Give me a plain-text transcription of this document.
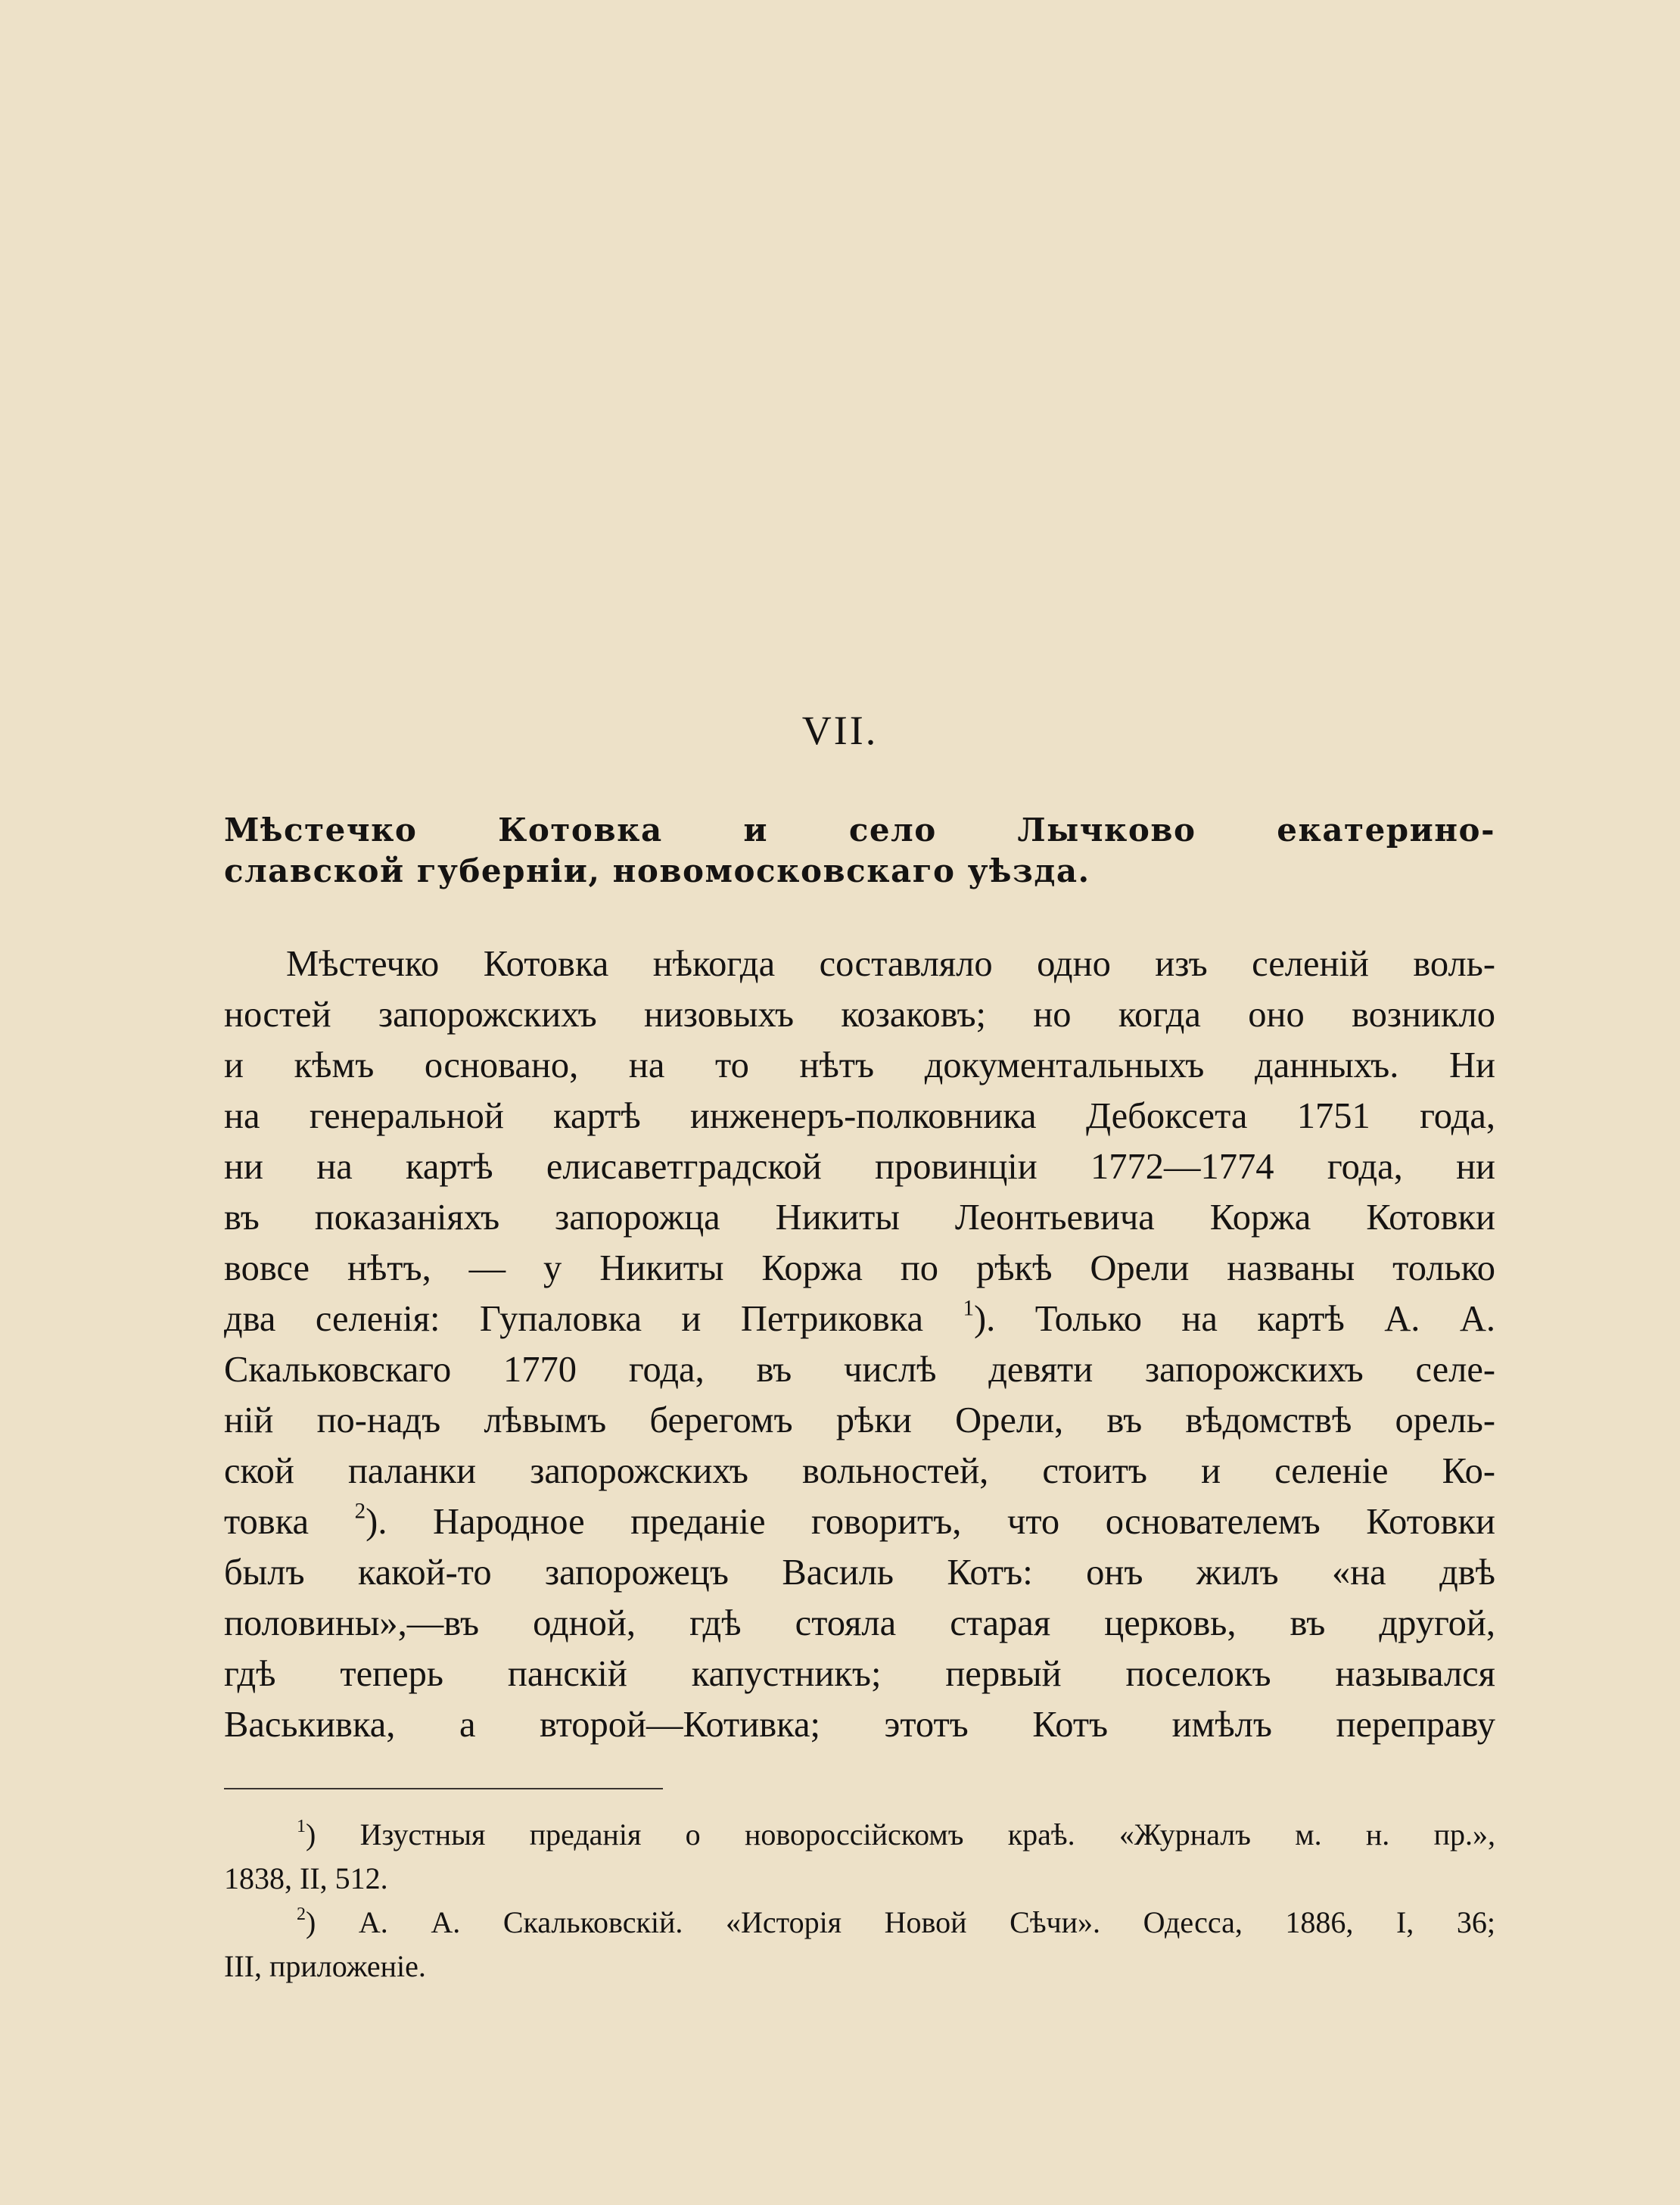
VII.
Мѣстечко Котовка и село Лычково екатерино-
славской губерніи, новомосковскаго уѣзда.
Мѣстечко Котовка нѣкогда составляло одно изъ селеній воль-
ностей запорожскихъ низовыхъ козаковъ; но когда оно возникло
и кѣмъ основано, на то нѣтъ документальныхъ данныхъ. Ни
на генеральной картѣ инженеръ-полковника Дебоксета 1751 года,
ни на картѣ елисаветградской провинціи 1772—1774 года, ни
въ показаніяхъ запорожца Никиты Леонтьевича Коржа Котовки
вовсе нѣтъ, — у Никиты Коржа по рѣкѣ Орели названы только
два селенія: Гупаловка и Петриковка $^1$). Только на картѣ А. А.
Скальковскаго 1770 года, въ числѣ девяти запорожскихъ селе-
ній по-надъ лѣвымъ берегомъ рѣки Орели, въ вѣдомствѣ орель-
ской паланки запорожскихъ вольностей, стоитъ и селеніе Ко-
товка $^2$). Народное преданіе говоритъ, что основателемъ Котовки
былъ какой-то запорожецъ Василь Котъ: онъ жилъ «на двѣ
половины»,—въ одной, гдѣ стояла старая церковь, въ другой,
гдѣ теперь панскій капустникъ; первый поселокъ назывался
Васькивка, а второй—Котивка; этотъ Котъ имѣлъ переправу
$^1$) Изустныя преданія о новороссійскомъ краѣ. «Журналъ м. н. пр.»,
1838, II, 512.
$^2$) А. А. Скальковскій. «Исторія Новой Сѣчи». Одесса, 1886, I, 36;
III, приложеніе.
